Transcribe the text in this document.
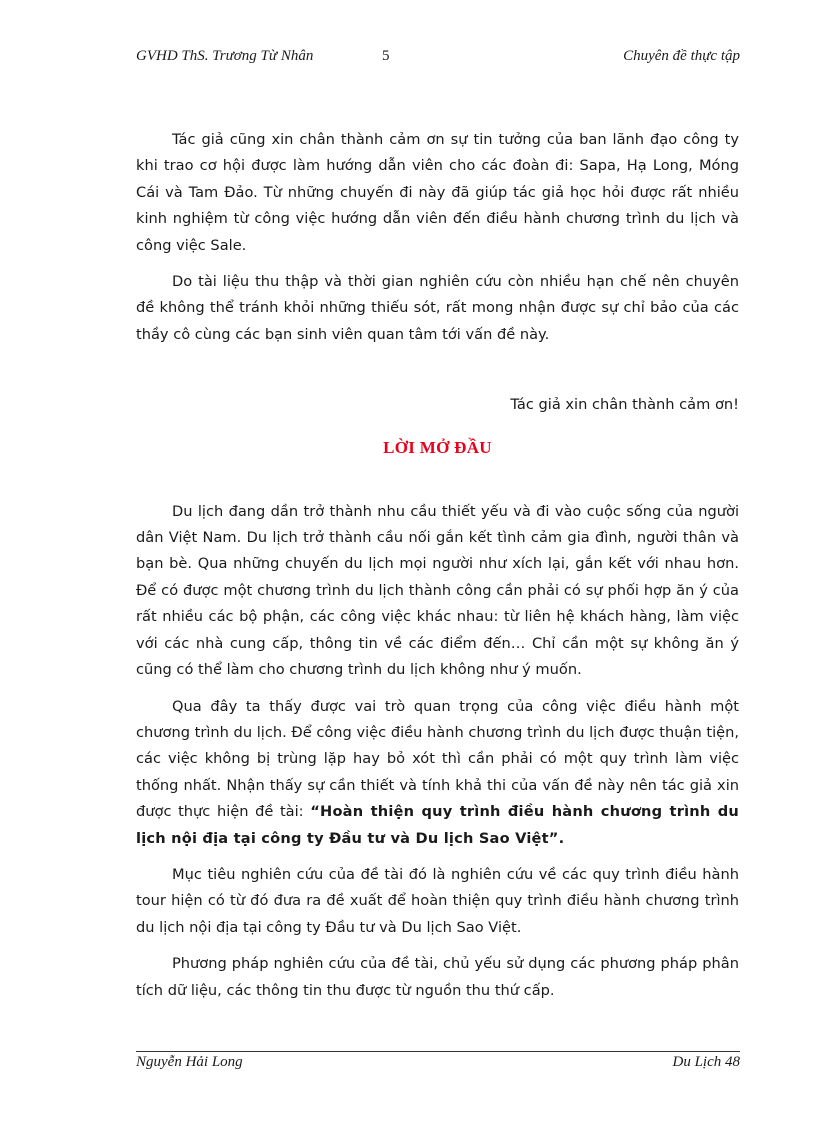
GVHD ThS. Trương Từ Nhân	5	Chuyên đề thực tập

Tác giả cũng xin chân thành cảm ơn sự tin tưởng của ban lãnh đạo công ty khi trao cơ hội được làm hướng dẫn viên cho các đoàn đi: Sapa, Hạ Long, Móng Cái và Tam Đảo. Từ những chuyến đi này đã giúp tác giả học hỏi được rất nhiều kinh nghiệm từ công việc hướng dẫn viên đến điều hành chương trình du lịch và công việc Sale.

Do tài liệu thu thập và thời gian nghiên cứu còn nhiều hạn chế nên chuyên đề không thể tránh khỏi những thiếu sót, rất mong nhận được sự chỉ bảo của các thầy cô cùng các bạn sinh viên quan tâm tới vấn đề này.

Tác giả xin chân thành cảm ơn!

LỜI MỞ ĐẦU

Du lịch đang dần trở thành nhu cầu thiết yếu và đi vào cuộc sống của người dân Việt Nam. Du lịch trở thành cầu nối gắn kết tình cảm gia đình, người thân và bạn bè. Qua những chuyến du lịch mọi người như xích lại, gắn kết với nhau hơn. Để có được một chương trình du lịch thành công cần phải có sự phối hợp ăn ý của rất nhiều các bộ phận, các công việc khác nhau: từ liên hệ khách hàng, làm việc với các nhà cung cấp, thông tin về các điểm đến… Chỉ cần một sự không ăn ý cũng có thể làm cho chương trình du lịch không như ý muốn.

Qua đây ta thấy được vai trò quan trọng của công việc điều hành một chương trình du lịch. Để công việc điều hành chương trình du lịch được thuận tiện, các việc không bị trùng lặp hay bỏ xót thì cần phải có một quy trình làm việc thống nhất. Nhận thấy sự cần thiết và tính khả thi của vấn đề này nên tác giả xin được thực hiện đề tài: “Hoàn thiện quy trình điều hành chương trình du lịch nội địa tại công ty Đầu tư và Du lịch Sao Việt”.

Mục tiêu nghiên cứu của đề tài đó là nghiên cứu về các quy trình điều hành tour hiện có từ đó đưa ra đề xuất để hoàn thiện quy trình điều hành chương trình du lịch nội địa tại công ty Đầu tư và Du lịch Sao Việt.

Phương pháp nghiên cứu của đề tài, chủ yếu sử dụng các phương pháp phân tích dữ liệu, các thông tin thu được từ nguồn thu thứ cấp.

Nguyễn Hải Long	Du Lịch 48
